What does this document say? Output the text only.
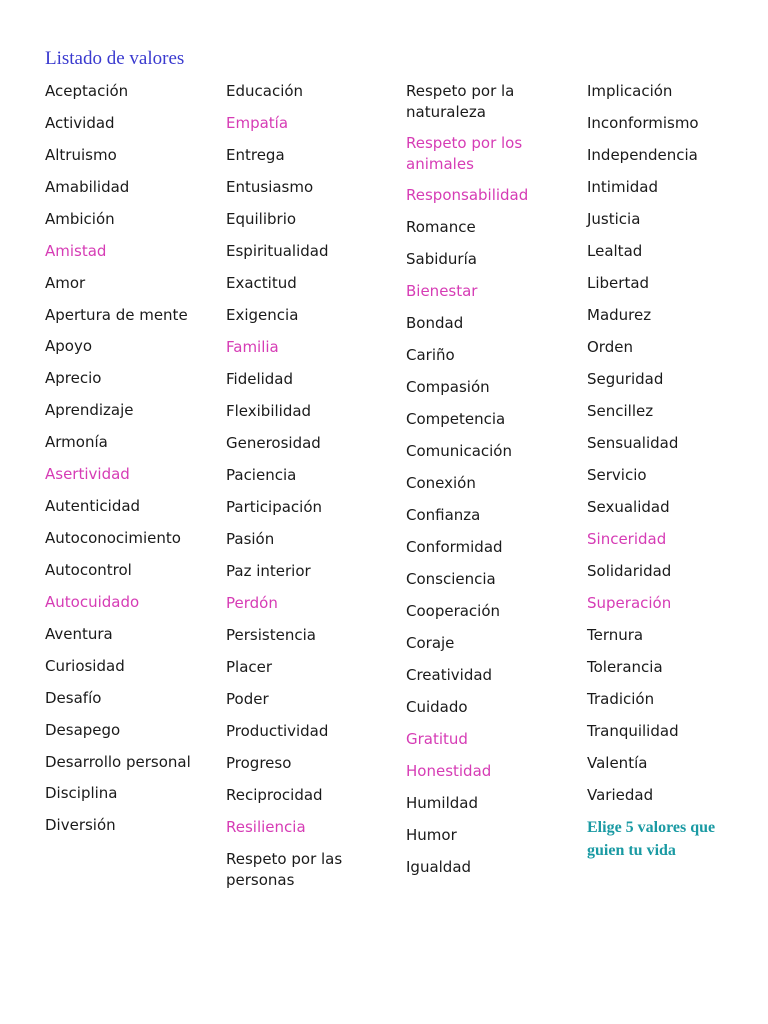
Listado de valores
Aceptación
Actividad
Altruismo
Amabilidad
Ambición
Amistad
Amor
Apertura de mente
Apoyo
Aprecio
Aprendizaje
Armonía
Asertividad
Autenticidad
Autoconocimiento
Autocontrol
Autocuidado
Aventura
Curiosidad
Desafío
Desapego
Desarrollo personal
Disciplina
Diversión
Educación
Empatía
Entrega
Entusiasmo
Equilibrio
Espiritualidad
Exactitud
Exigencia
Familia
Fidelidad
Flexibilidad
Generosidad
Paciencia
Participación
Pasión
Paz interior
Perdón
Persistencia
Placer
Poder
Productividad
Progreso
Reciprocidad
Resiliencia
Respeto por las personas
Respeto por la naturaleza
Respeto por los animales
Responsabilidad
Romance
Sabiduría
Bienestar
Bondad
Cariño
Compasión
Competencia
Comunicación
Conexión
Confianza
Conformidad
Consciencia
Cooperación
Coraje
Creatividad
Cuidado
Gratitud
Honestidad
Humildad
Humor
Igualdad
Implicación
Inconformismo
Independencia
Intimidad
Justicia
Lealtad
Libertad
Madurez
Orden
Seguridad
Sencillez
Sensualidad
Servicio
Sexualidad
Sinceridad
Solidaridad
Superación
Ternura
Tolerancia
Tradición
Tranquilidad
Valentía
Variedad
Elige 5 valores que guien tu vida
